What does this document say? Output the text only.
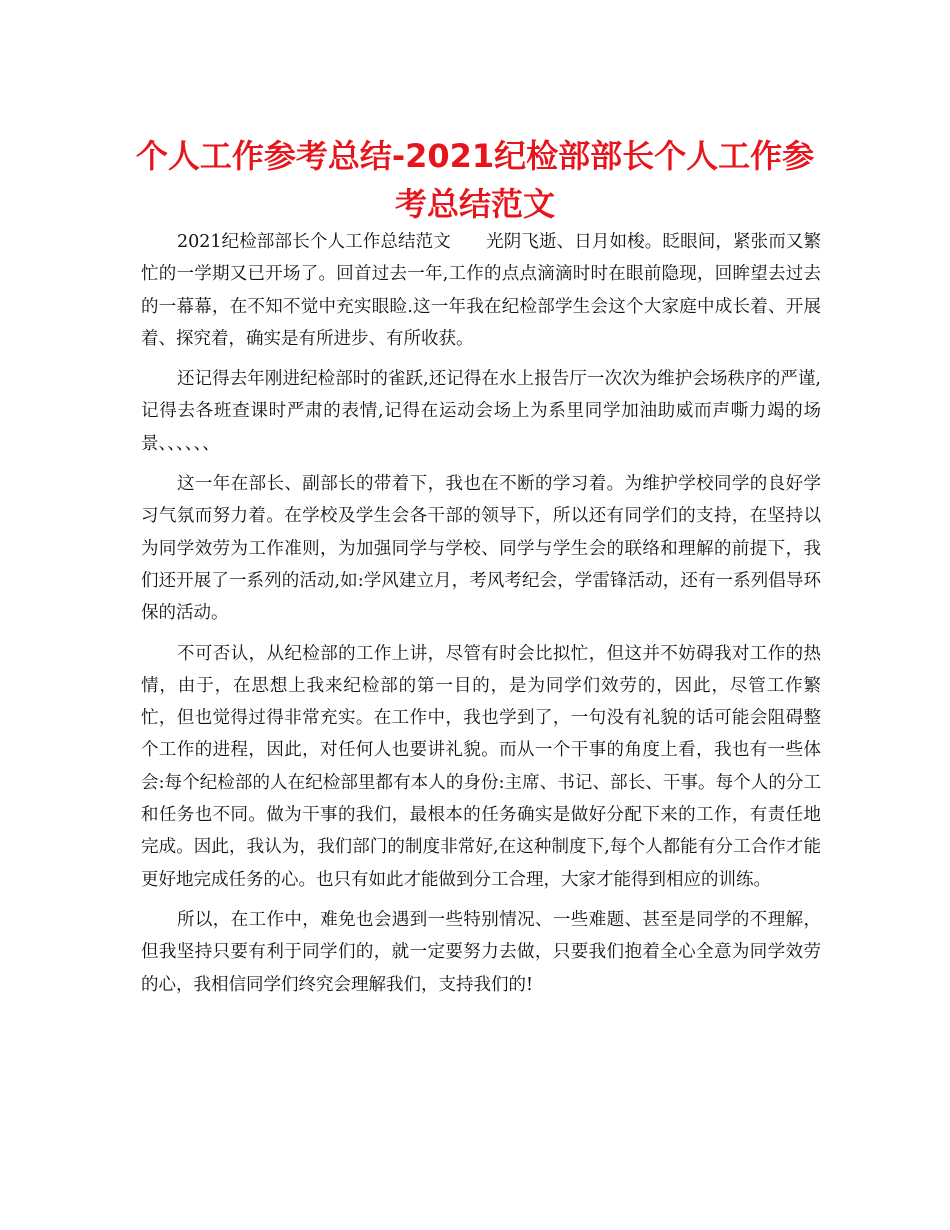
个人工作参考总结-2021纪检部部长个人工作参考总结范文

2021纪检部部长个人工作总结范文　　光阴飞逝、日月如梭。眨眼间，紧张而又繁忙的一学期又已开场了。回首过去一年,工作的点点滴滴时时在眼前隐现，回眸望去过去的一幕幕，在不知不觉中充实眼睑.这一年我在纪检部学生会这个大家庭中成长着、开展着、探究着，确实是有所进步、有所收获。

还记得去年刚进纪检部时的雀跃,还记得在水上报告厅一次次为维护会场秩序的严谨,记得去各班查课时严肃的表情,记得在运动会场上为系里同学加油助威而声嘶力竭的场景、、、、、、

这一年在部长、副部长的带着下，我也在不断的学习着。为维护学校同学的良好学习气氛而努力着。在学校及学生会各干部的领导下，所以还有同学们的支持，在坚持以为同学效劳为工作准则，为加强同学与学校、同学与学生会的联络和理解的前提下，我们还开展了一系列的活动,如:学风建立月，考风考纪会，学雷锋活动，还有一系列倡导环保的活动。

不可否认，从纪检部的工作上讲，尽管有时会比拟忙，但这并不妨碍我对工作的热情，由于，在思想上我来纪检部的第一目的，是为同学们效劳的，因此，尽管工作繁忙，但也觉得过得非常充实。在工作中，我也学到了，一句没有礼貌的话可能会阻碍整个工作的进程，因此，对任何人也要讲礼貌。而从一个干事的角度上看，我也有一些体会:每个纪检部的人在纪检部里都有本人的身份:主席、书记、部长、干事。每个人的分工和任务也不同。做为干事的我们，最根本的任务确实是做好分配下来的工作，有责任地完成。因此，我认为，我们部门的制度非常好,在这种制度下,每个人都能有分工合作才能更好地完成任务的心。也只有如此才能做到分工合理，大家才能得到相应的训练。

所以，在工作中，难免也会遇到一些特别情况、一些难题、甚至是同学的不理解，但我坚持只要有利于同学们的，就一定要努力去做，只要我们抱着全心全意为同学效劳的心，我相信同学们终究会理解我们，支持我们的!
